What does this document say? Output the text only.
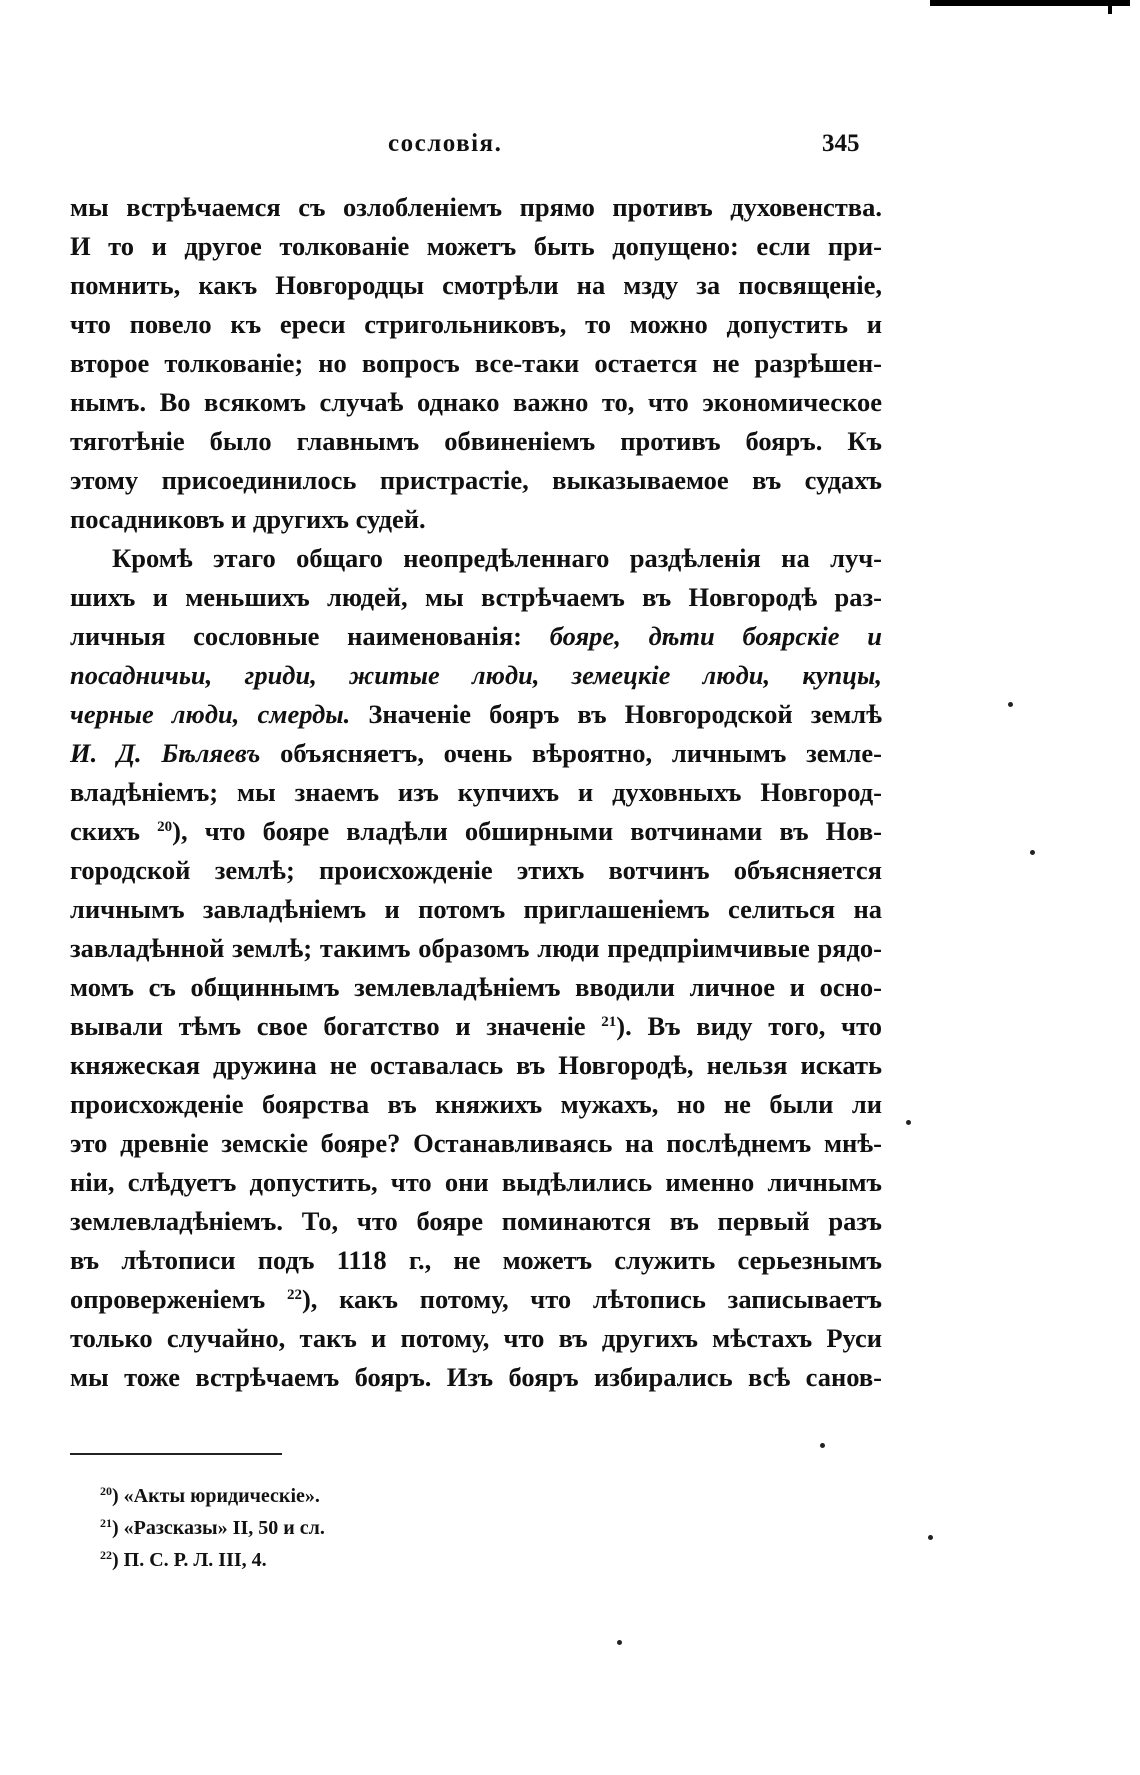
сословія.	345
мы встрѣчаемся съ озлобленіемъ прямо противъ духовенства.
И то и другое толкованіе можетъ быть допущено: если при-
помнить, какъ Новгородцы смотрѣли на мзду за посвященіе,
что повело къ ереси стригольниковъ, то можно допустить и
второе толкованіе; но вопросъ все-таки остается не разрѣшен-
нымъ. Во всякомъ случаѣ однако важно то, что экономическое
тяготѣніе было главнымъ обвиненіемъ противъ бояръ. Къ
этому присоединилось пристрастіе, выказываемое въ судахъ
посадниковъ и другихъ судей.
Кромѣ этаго общаго неопредѣленнаго раздѣленія на луч-
шихъ и меньшихъ людей, мы встрѣчаемъ въ Новгородѣ раз-
личныя сословные наименованія: бояре, дѣти боярскіе и
посадничьи, гриди, житые люди, земецкіе люди, купцы,
черные люди, смерды. Значеніе бояръ въ Новгородской землѣ
И. Д. Бѣляевъ объясняетъ, очень вѣроятно, личнымъ земле-
владѣніемъ; мы знаемъ изъ купчихъ и духовныхъ Новгород-
скихъ $^{20}$), что бояре владѣли обширными вотчинами въ Нов-
городской землѣ; происхожденіе этихъ вотчинъ объясняется
личнымъ завладѣніемъ и потомъ приглашеніемъ селиться на
завладѣнной землѣ; такимъ образомъ люди предпріимчивые рядо-
момъ съ общиннымъ землевладѣніемъ вводили личное и осно-
вывали тѣмъ свое богатство и значеніе $^{21}$). Въ виду того, что
княжеская дружина не оставалась въ Новгородѣ, нельзя искать
происхожденіе боярства въ княжихъ мужахъ, но не были ли
это древніе земскіе бояре? Останавливаясь на послѣднемъ мнѣ-
ніи, слѣдуетъ допустить, что они выдѣлились именно личнымъ
землевладѣніемъ. То, что бояре поминаются въ первый разъ
въ лѣтописи подъ 1118 г., не можетъ служить серьезнымъ
опроверженіемъ $^{22}$), какъ потому, что лѣтопись записываетъ
только случайно, такъ и потому, что въ другихъ мѣстахъ Руси
мы тоже встрѣчаемъ бояръ. Изъ бояръ избирались всѣ санов-
$^{20}$) «Акты юридическіе».
$^{21}$) «Разсказы» II, 50 и сл.
$^{22}$) П. С. Р. Л. III, 4.
